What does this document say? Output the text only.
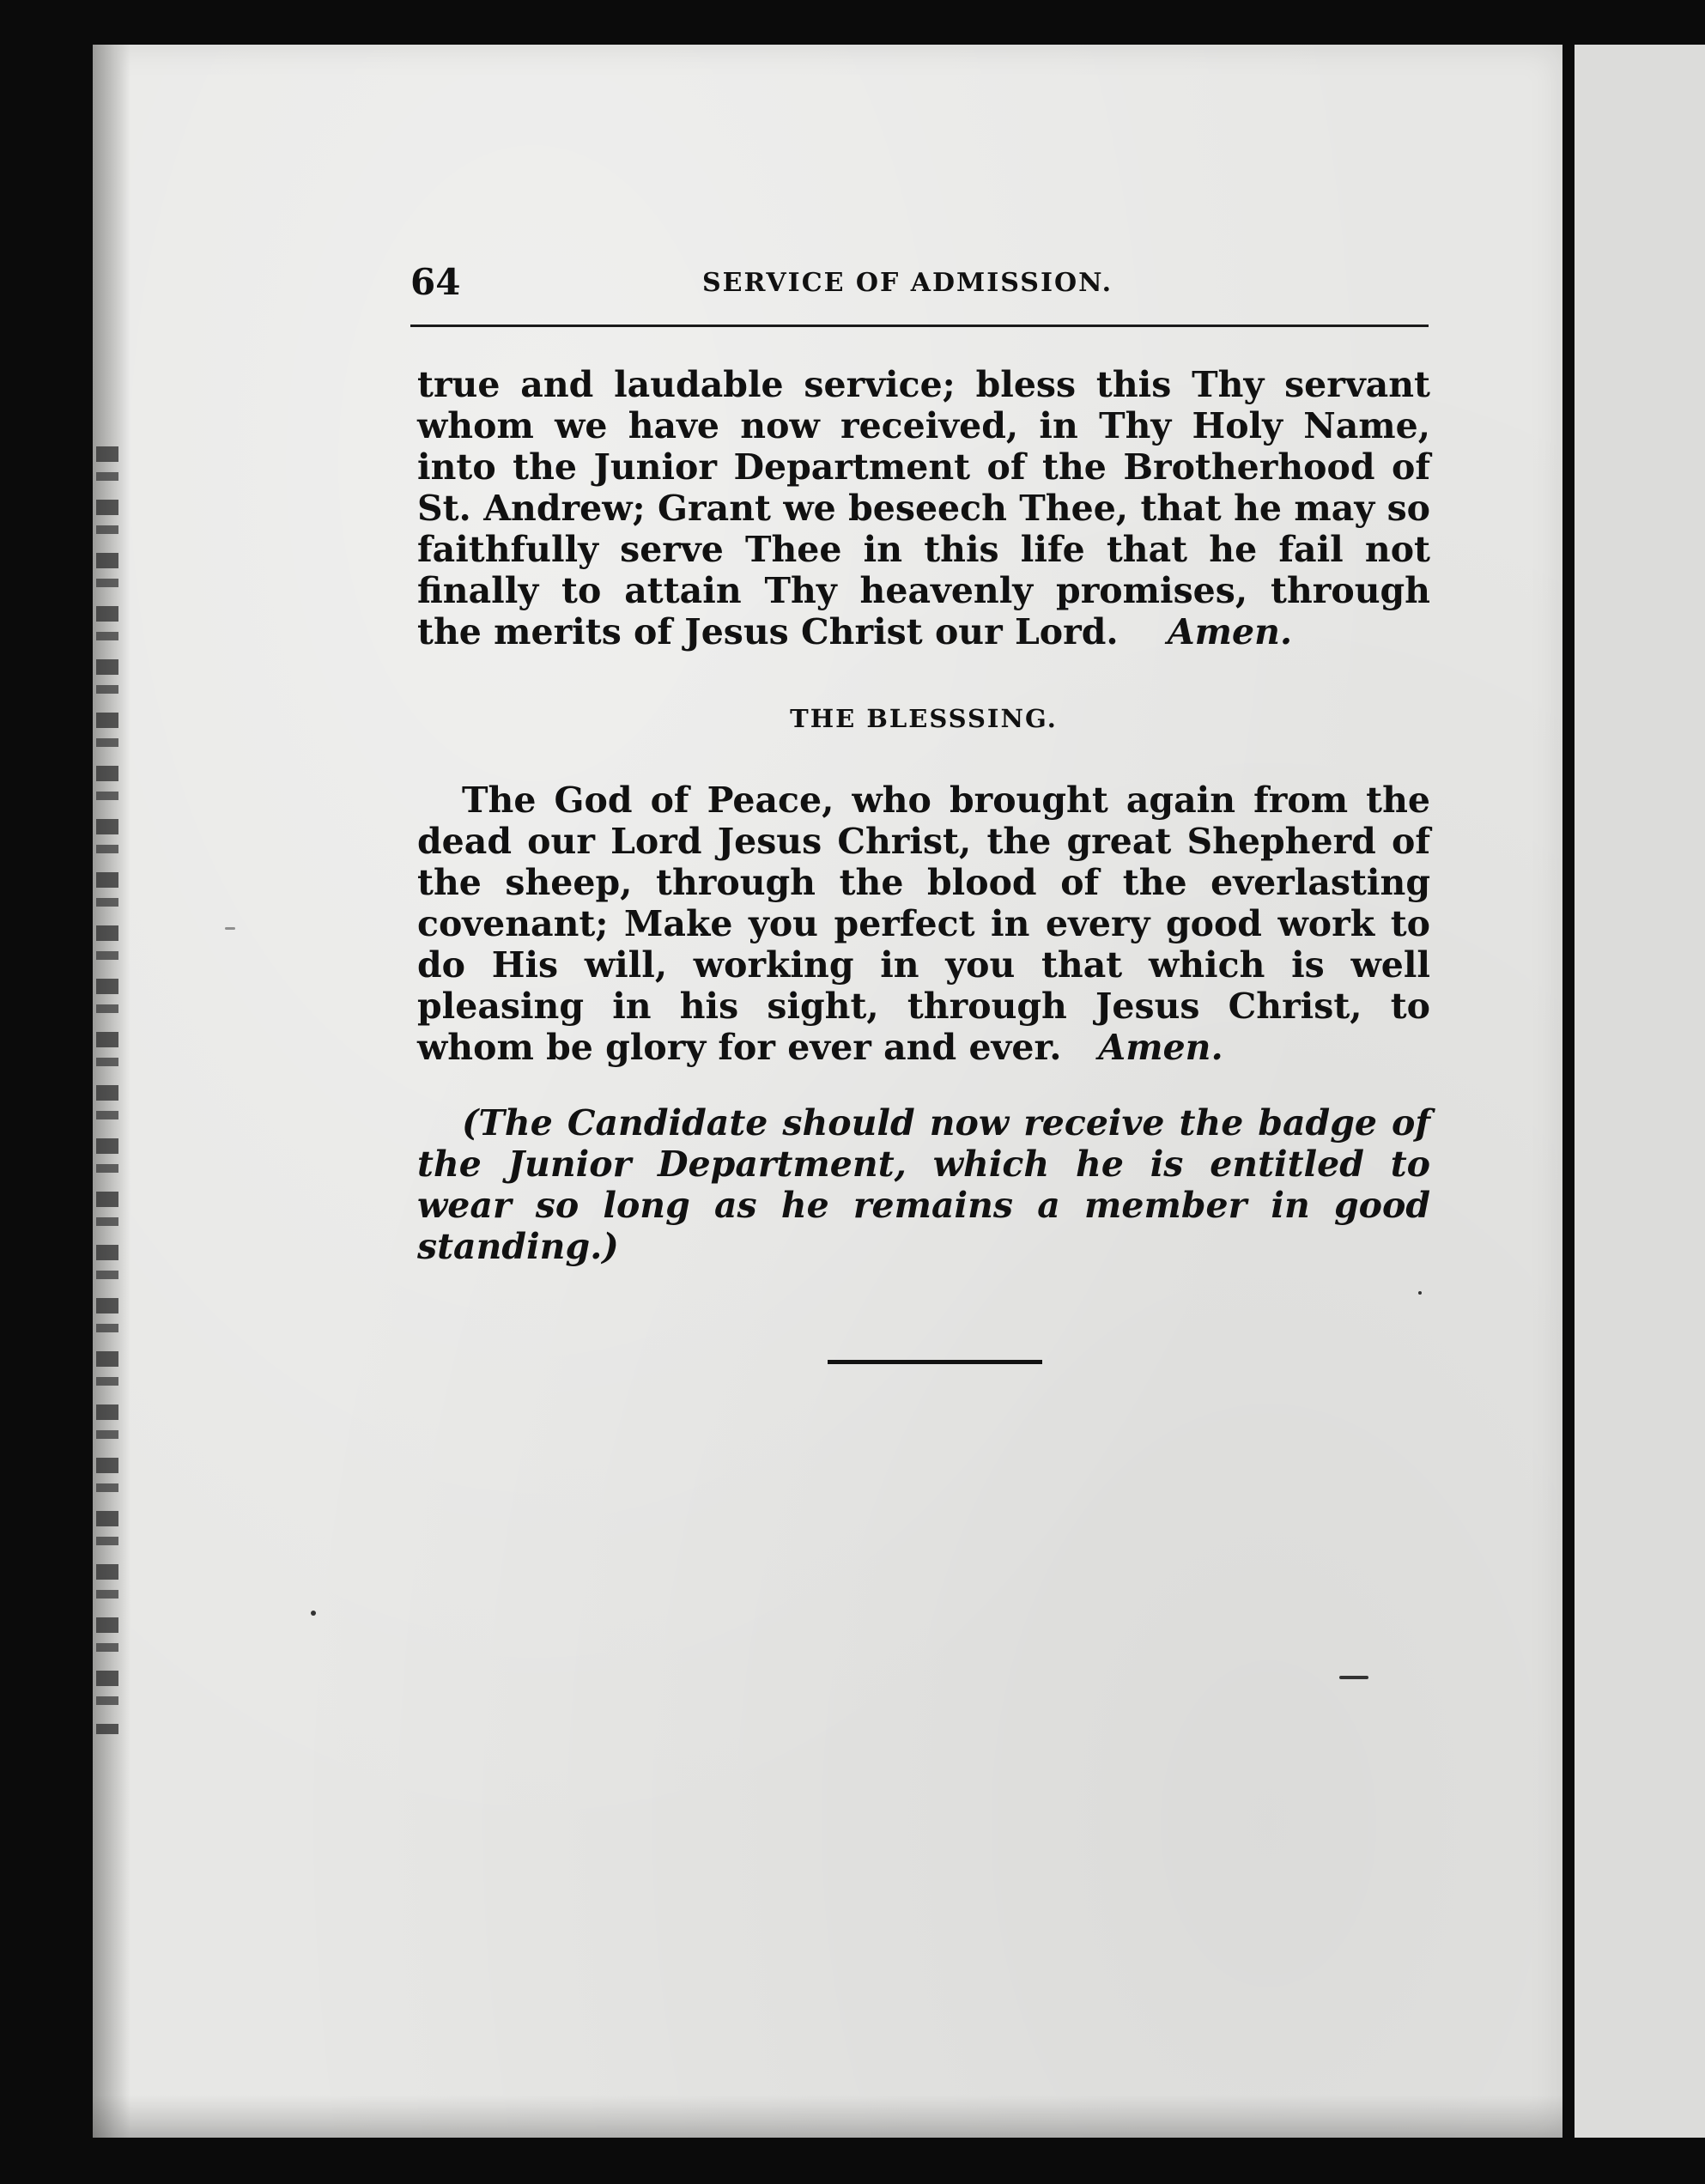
64	SERVICE OF ADMISSION.

true and laudable service; bless this Thy servant whom we have now received, in Thy Holy Name, into the Junior Department of the Brotherhood of St. Andrew; Grant we beseech Thee, that he may so faithfully serve Thee in this life that he fail not finally to attain Thy heavenly promises, through the merits of Jesus Christ our Lord. Amen.

THE BLESSSING.

The God of Peace, who brought again from the dead our Lord Jesus Christ, the great Shepherd of the sheep, through the blood of the everlasting covenant; Make you perfect in every good work to do His will, working in you that which is well pleasing in his sight, through Jesus Christ, to whom be glory for ever and ever. Amen.

(The Candidate should now receive the badge of the Junior Department, which he is entitled to wear so long as he remains a member in good standing.)
